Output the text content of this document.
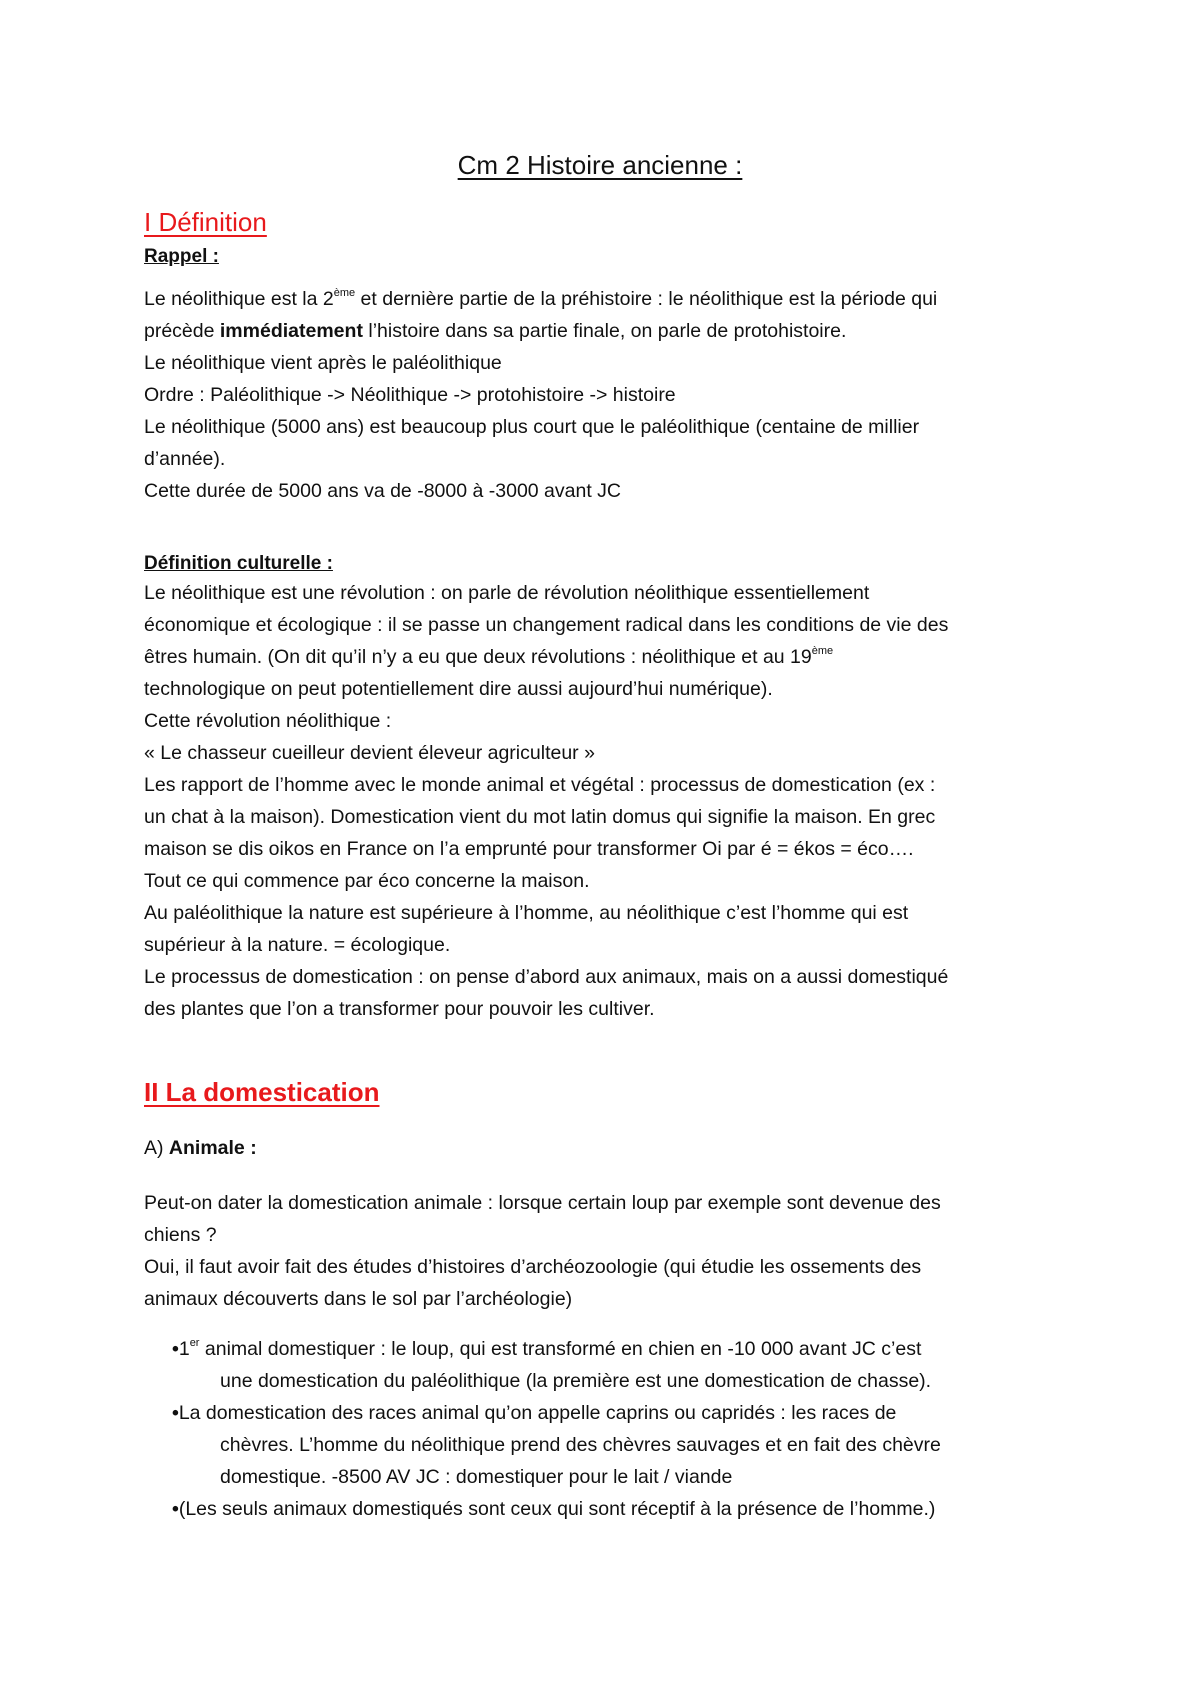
Cm 2 Histoire ancienne :
I Définition
Rappel :

Le néolithique est la 2ème et dernière partie de la préhistoire : le néolithique est la période qui

précède immédiatement l’histoire dans sa partie finale, on parle de protohistoire.

Le néolithique vient après le paléolithique

Ordre : Paléolithique -> Néolithique -> protohistoire -> histoire

Le néolithique (5000 ans) est beaucoup plus court que le paléolithique (centaine de millier

d’année).

Cette durée de 5000 ans va de -8000 à -3000 avant JC

Définition culturelle :

Le néolithique est une révolution : on parle de révolution néolithique essentiellement

économique et écologique : il se passe un changement radical dans les conditions de vie des

êtres humain. (On dit qu’il n’y a eu que deux révolutions : néolithique et au 19ème

technologique on peut potentiellement dire aussi aujourd’hui numérique).

Cette révolution néolithique :

« Le chasseur cueilleur devient éleveur agriculteur »

Les rapport de l’homme avec le monde animal et végétal : processus de domestication (ex :

un chat à la maison). Domestication vient du mot latin domus qui signifie la maison. En grec

maison se dis oikos en France on l’a emprunté pour transformer Oi par é = ékos = éco….

Tout ce qui commence par éco concerne la maison.

Au paléolithique la nature est supérieure à l’homme, au néolithique c’est l’homme qui est

supérieur à la nature. = écologique.

Le processus de domestication : on pense d’abord aux animaux, mais on a aussi domestiqué

des plantes que l’on a transformer pour pouvoir les cultiver.

II La domestication

A) Animale :

Peut-on dater la domestication animale : lorsque certain loup par exemple sont devenue des

chiens ?

Oui, il faut avoir fait des études d’histoires d’archéozoologie (qui étudie les ossements des

animaux découverts dans le sol par l’archéologie)

•1er animal domestiquer : le loup, qui est transformé en chien en -10 000 avant JC c’est
une domestication du paléolithique (la première est une domestication de chasse).
•La domestication des races animal qu’on appelle caprins ou capridés : les races de
chèvres. L’homme du néolithique prend des chèvres sauvages et en fait des chèvre
domestique. -8500 AV JC : domestiquer pour le lait / viande
•(Les seuls animaux domestiqués sont ceux qui sont réceptif à la présence de l’homme.)
